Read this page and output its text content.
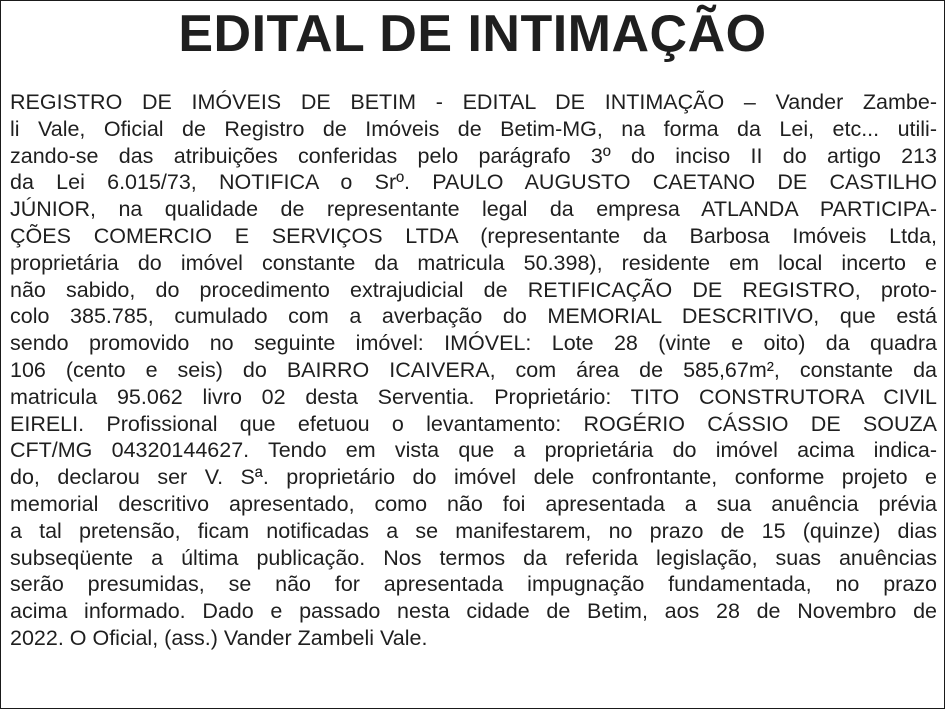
EDITAL DE INTIMAÇÃO
REGISTRO DE IMÓVEIS DE BETIM - EDITAL DE INTIMAÇÃO – Vander Zambe-
li Vale, Oficial de Registro de Imóveis de Betim-MG, na forma da Lei, etc... utili-
zando-se das atribuições conferidas pelo parágrafo 3º do inciso II do artigo 213
da Lei 6.015/73, NOTIFICA o Srº. PAULO AUGUSTO CAETANO DE CASTILHO
JÚNIOR, na qualidade de representante legal da empresa ATLANDA PARTICIPA-
ÇÕES COMERCIO E SERVIÇOS LTDA (representante da Barbosa Imóveis Ltda,
proprietária do imóvel constante da matricula 50.398), residente em local incerto e
não sabido, do procedimento extrajudicial de RETIFICAÇÃO DE REGISTRO, proto-
colo 385.785, cumulado com a averbação do MEMORIAL DESCRITIVO, que está
sendo promovido no seguinte imóvel: IMÓVEL: Lote 28 (vinte e oito) da quadra
106 (cento e seis) do BAIRRO ICAIVERA, com área de 585,67m², constante da
matricula 95.062 livro 02 desta Serventia. Proprietário: TITO CONSTRUTORA CIVIL
EIRELI. Profissional que efetuou o levantamento: ROGÉRIO CÁSSIO DE SOUZA
CFT/MG 04320144627. Tendo em vista que a proprietária do imóvel acima indica-
do, declarou ser V. Sª. proprietário do imóvel dele confrontante, conforme projeto e
memorial descritivo apresentado, como não foi apresentada a sua anuência prévia
a tal pretensão, ficam notificadas a se manifestarem, no prazo de 15 (quinze) dias
subseqüente a última publicação. Nos termos da referida legislação, suas anuências
serão presumidas, se não for apresentada impugnação fundamentada, no prazo
acima informado. Dado e passado nesta cidade de Betim, aos 28 de Novembro de
2022. O Oficial, (ass.) Vander Zambeli Vale.
